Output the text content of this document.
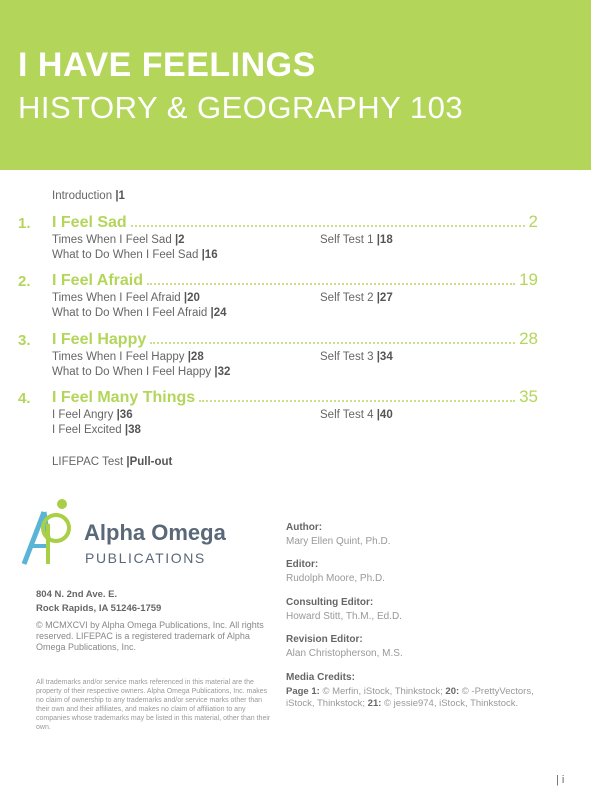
I HAVE FEELINGS
HISTORY & GEOGRAPHY 103
Introduction |1
1.	I Feel Sad	2
Times When I Feel Sad |2
What to Do When I Feel Sad |16
Self Test 1 |18
2.	I Feel Afraid	19
Times When I Feel Afraid |20
What to Do When I Feel Afraid |24
Self Test 2 |27
3.	I Feel Happy	28
Times When I Feel Happy |28
What to Do When I Feel Happy |32
Self Test 3 |34
4.	I Feel Many Things	35
I Feel Angry |36
I Feel Excited |38
Self Test 4 |40
LIFEPAC Test |Pull-out
Alpha Omega
PUBLICATIONS
804 N. 2nd Ave. E.
Rock Rapids, IA 51246-1759
© MCMXCVI by Alpha Omega Publications, Inc. All rights reserved. LIFEPAC is a registered trademark of Alpha Omega Publications, Inc.
All trademarks and/or service marks referenced in this material are the property of their respective owners. Alpha Omega Publications, Inc. makes no claim of ownership to any trademarks and/or service marks other than their own and their affiliates, and makes no claim of affiliation to any companies whose trademarks may be listed in this material, other than their own.
Author:
Mary Ellen Quint, Ph.D.
Editor:
Rudolph Moore, Ph.D.
Consulting Editor:
Howard Stitt, Th.M., Ed.D.
Revision Editor:
Alan Christopherson, M.S.
Media Credits:
Page 1: © Merfin, iStock, Thinkstock; 20: © -PrettyVectors, iStock, Thinkstock; 21: © jessie974, iStock, Thinkstock.
| i
